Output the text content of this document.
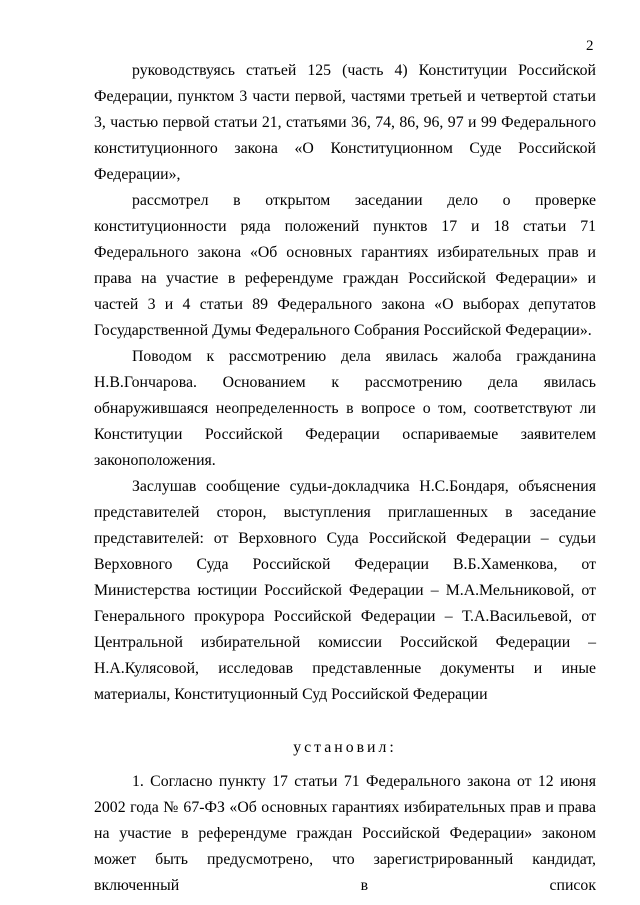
2

руководствуясь статьей 125 (часть 4) Конституции Российской Федерации, пунктом 3 части первой, частями третьей и четвертой статьи 3, частью первой статьи 21, статьями 36, 74, 86, 96, 97 и 99 Федерального конституционного закона «О Конституционном Суде Российской Федерации»,

рассмотрел в открытом заседании дело о проверке конституционности ряда положений пунктов 17 и 18 статьи 71 Федерального закона «Об основных гарантиях избирательных прав и права на участие в референдуме граждан Российской Федерации» и частей 3 и 4 статьи 89 Федерального закона «О выборах депутатов Государственной Думы Федерального Собрания Российской Федерации».

Поводом к рассмотрению дела явилась жалоба гражданина Н.В.Гончарова. Основанием к рассмотрению дела явилась обнаружившаяся неопределенность в вопросе о том, соответствуют ли Конституции Российской Федерации оспариваемые заявителем законоположения.

Заслушав сообщение судьи-докладчика Н.С.Бондаря, объяснения представителей сторон, выступления приглашенных в заседание представителей: от Верховного Суда Российской Федерации – судьи Верховного Суда Российской Федерации В.Б.Хаменкова, от Министерства юстиции Российской Федерации – М.А.Мельниковой, от Генерального прокурора Российской Федерации – Т.А.Васильевой, от Центральной избирательной комиссии Российской Федерации – Н.А.Кулясовой, исследовав представленные документы и иные материалы, Конституционный Суд Российской Федерации

установил:

1. Согласно пункту 17 статьи 71 Федерального закона от 12 июня 2002 года № 67-ФЗ «Об основных гарантиях избирательных прав и права на участие в референдуме граждан Российской Федерации» законом может быть предусмотрено, что зарегистрированный кандидат, включенный в список
